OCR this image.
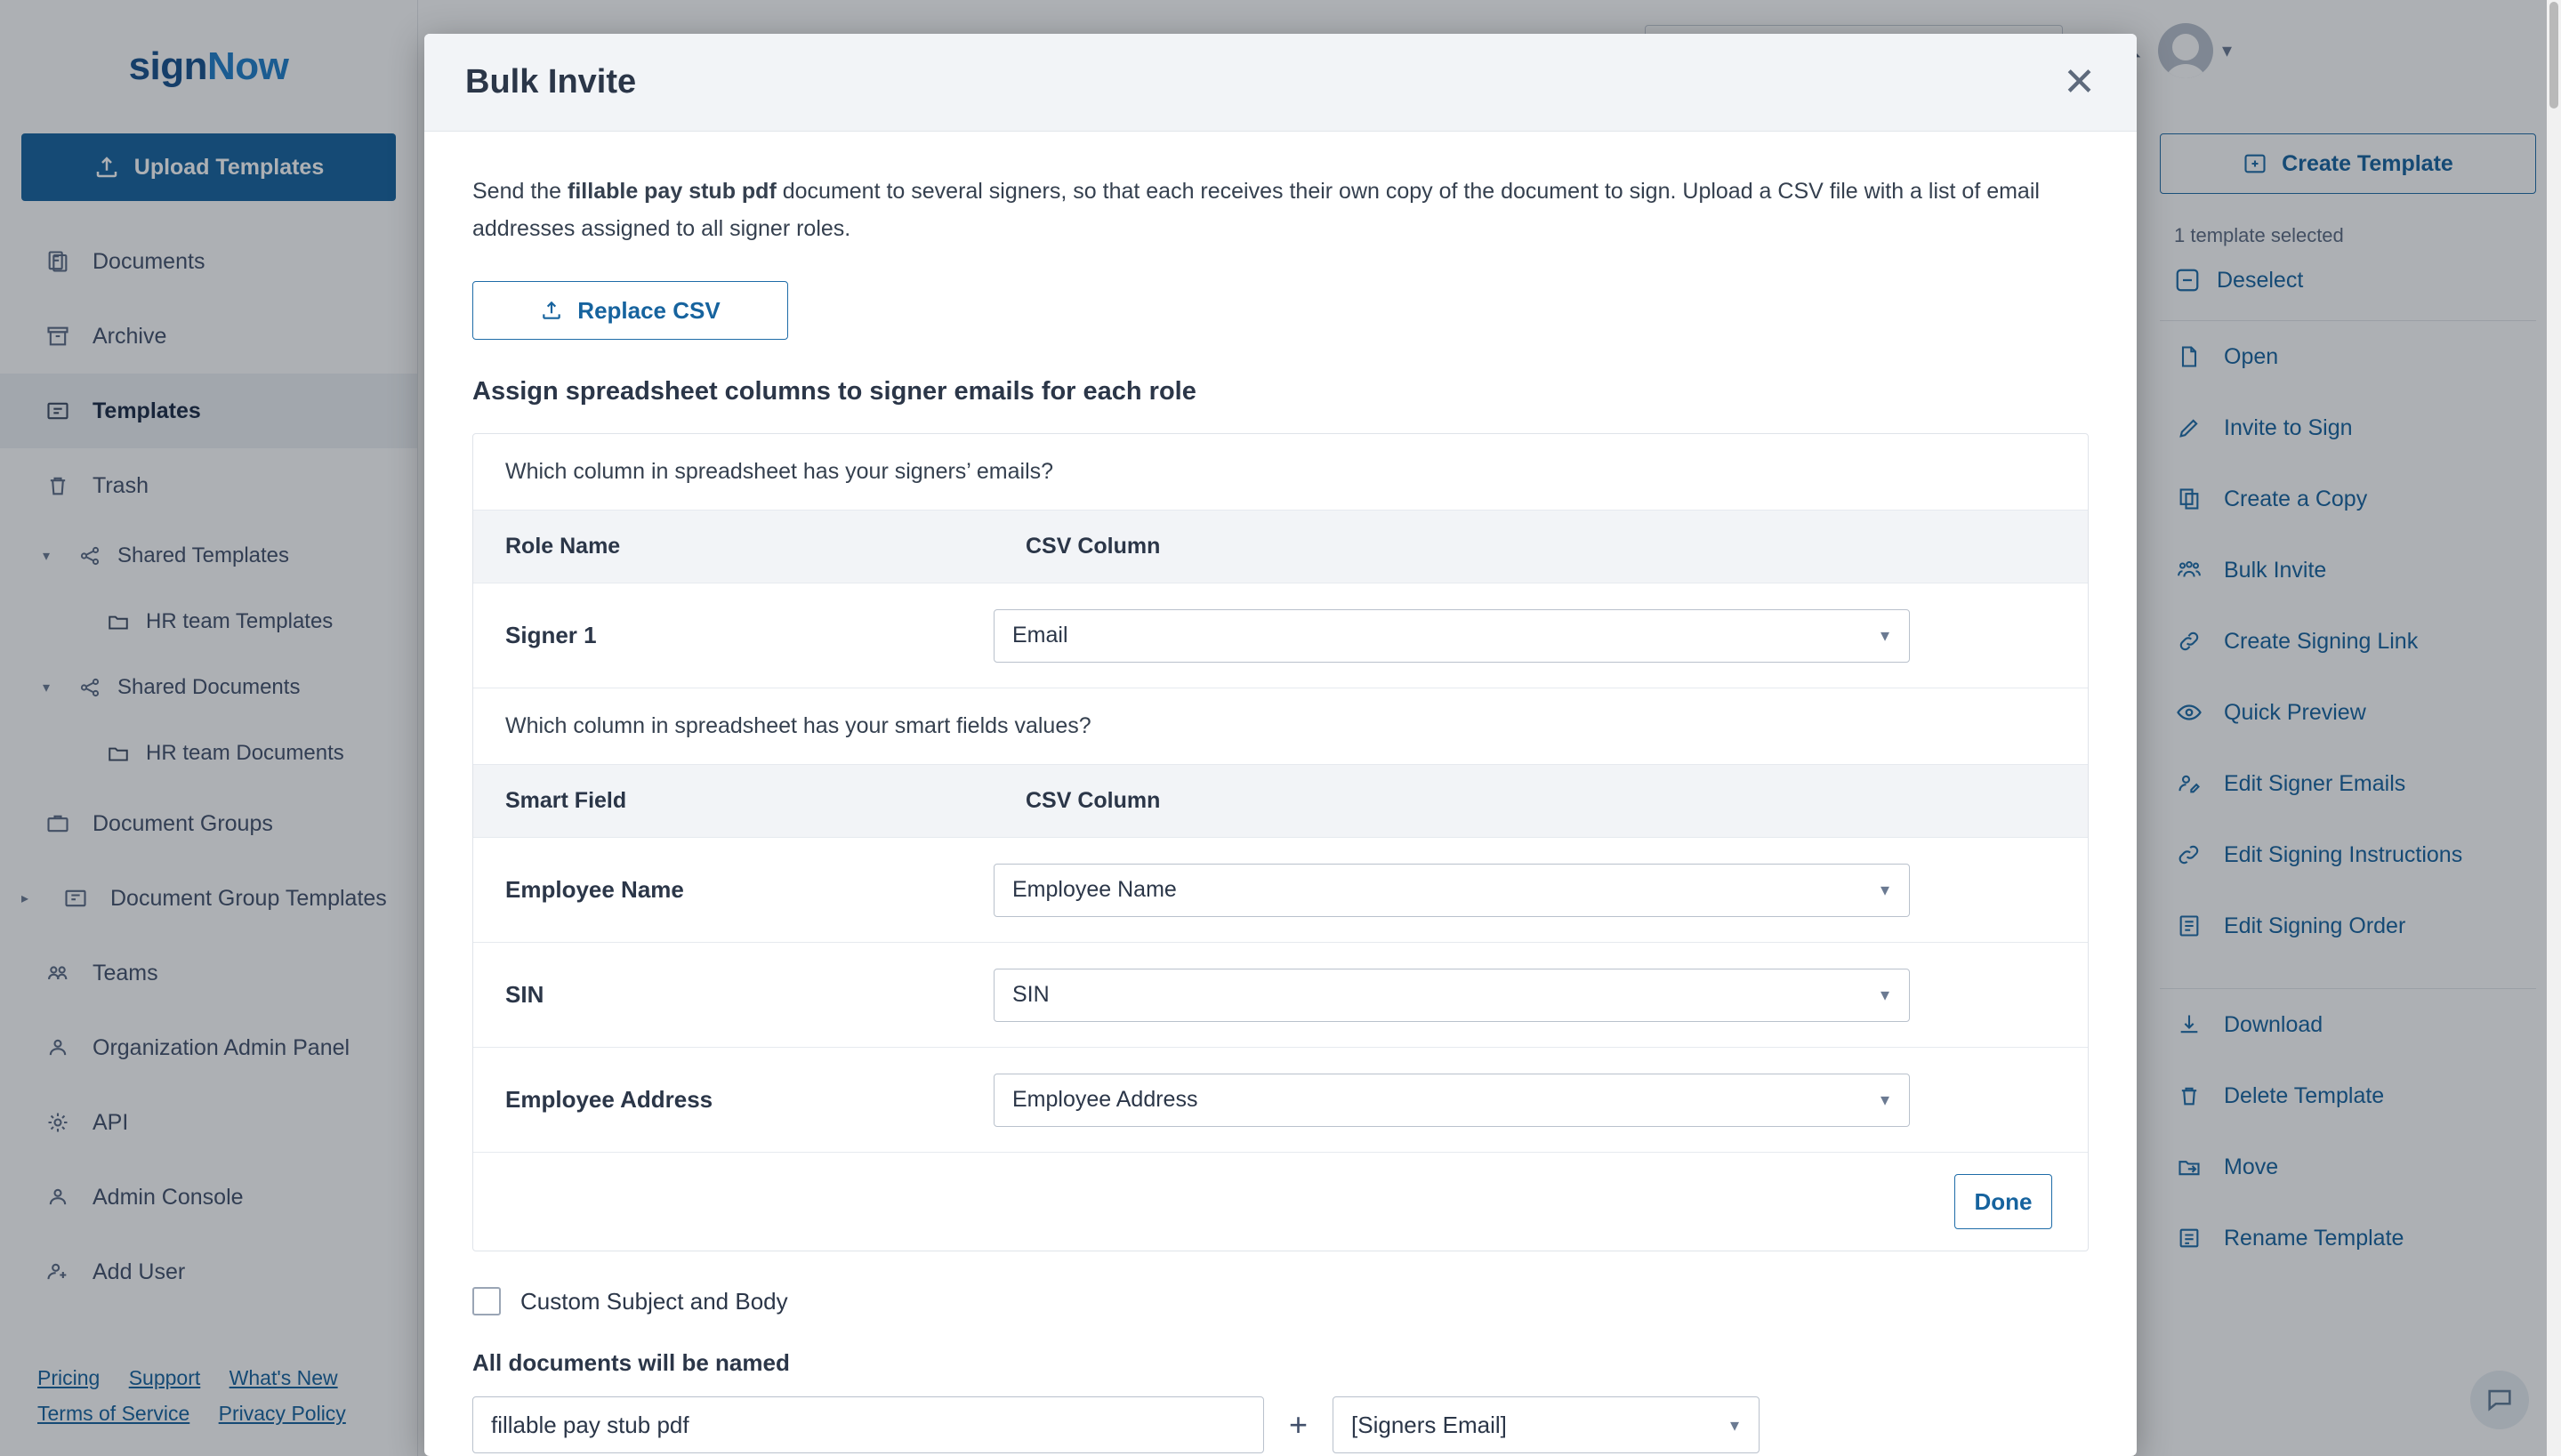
sign Now
Upload Templates
Documents
Archive
Templates
Trash
▾	Shared Templates
HR team Templates
▾	Shared Documents
HR team Documents
Document Groups
▸	Document Group Templates
Teams
Organization Admin Panel
API
Admin Console
Add User
Pricing Support What's New
Terms of Service Privacy Policy
▾
Create Template
1 template selected
Deselect
Open
Invite to Sign
Create a Copy
Bulk Invite
Create Signing Link
Quick Preview
Edit Signer Emails
Edit Signing Instructions
Edit Signing Order
Download
Delete Template
Move
Rename Template
Bulk Invite	✕
Send the fillable pay stub pdf document to several signers, so that each receives their own copy of the document to sign. Upload a CSV file with a list of email addresses assigned to all signer roles.
Replace CSV
Assign spreadsheet columns to signer emails for each role
Which column in spreadsheet has your signers’ emails?
Role Name	CSV Column
Signer 1	Email	▾
Which column in spreadsheet has your smart fields values?
Smart Field	CSV Column
Employee Name	Employee Name	▾
SIN	SIN	▾
Employee Address	Employee Address	▾
Done
Custom Subject and Body
All documents will be named
fillable pay stub pdf	+ [Signers Email]	▾
